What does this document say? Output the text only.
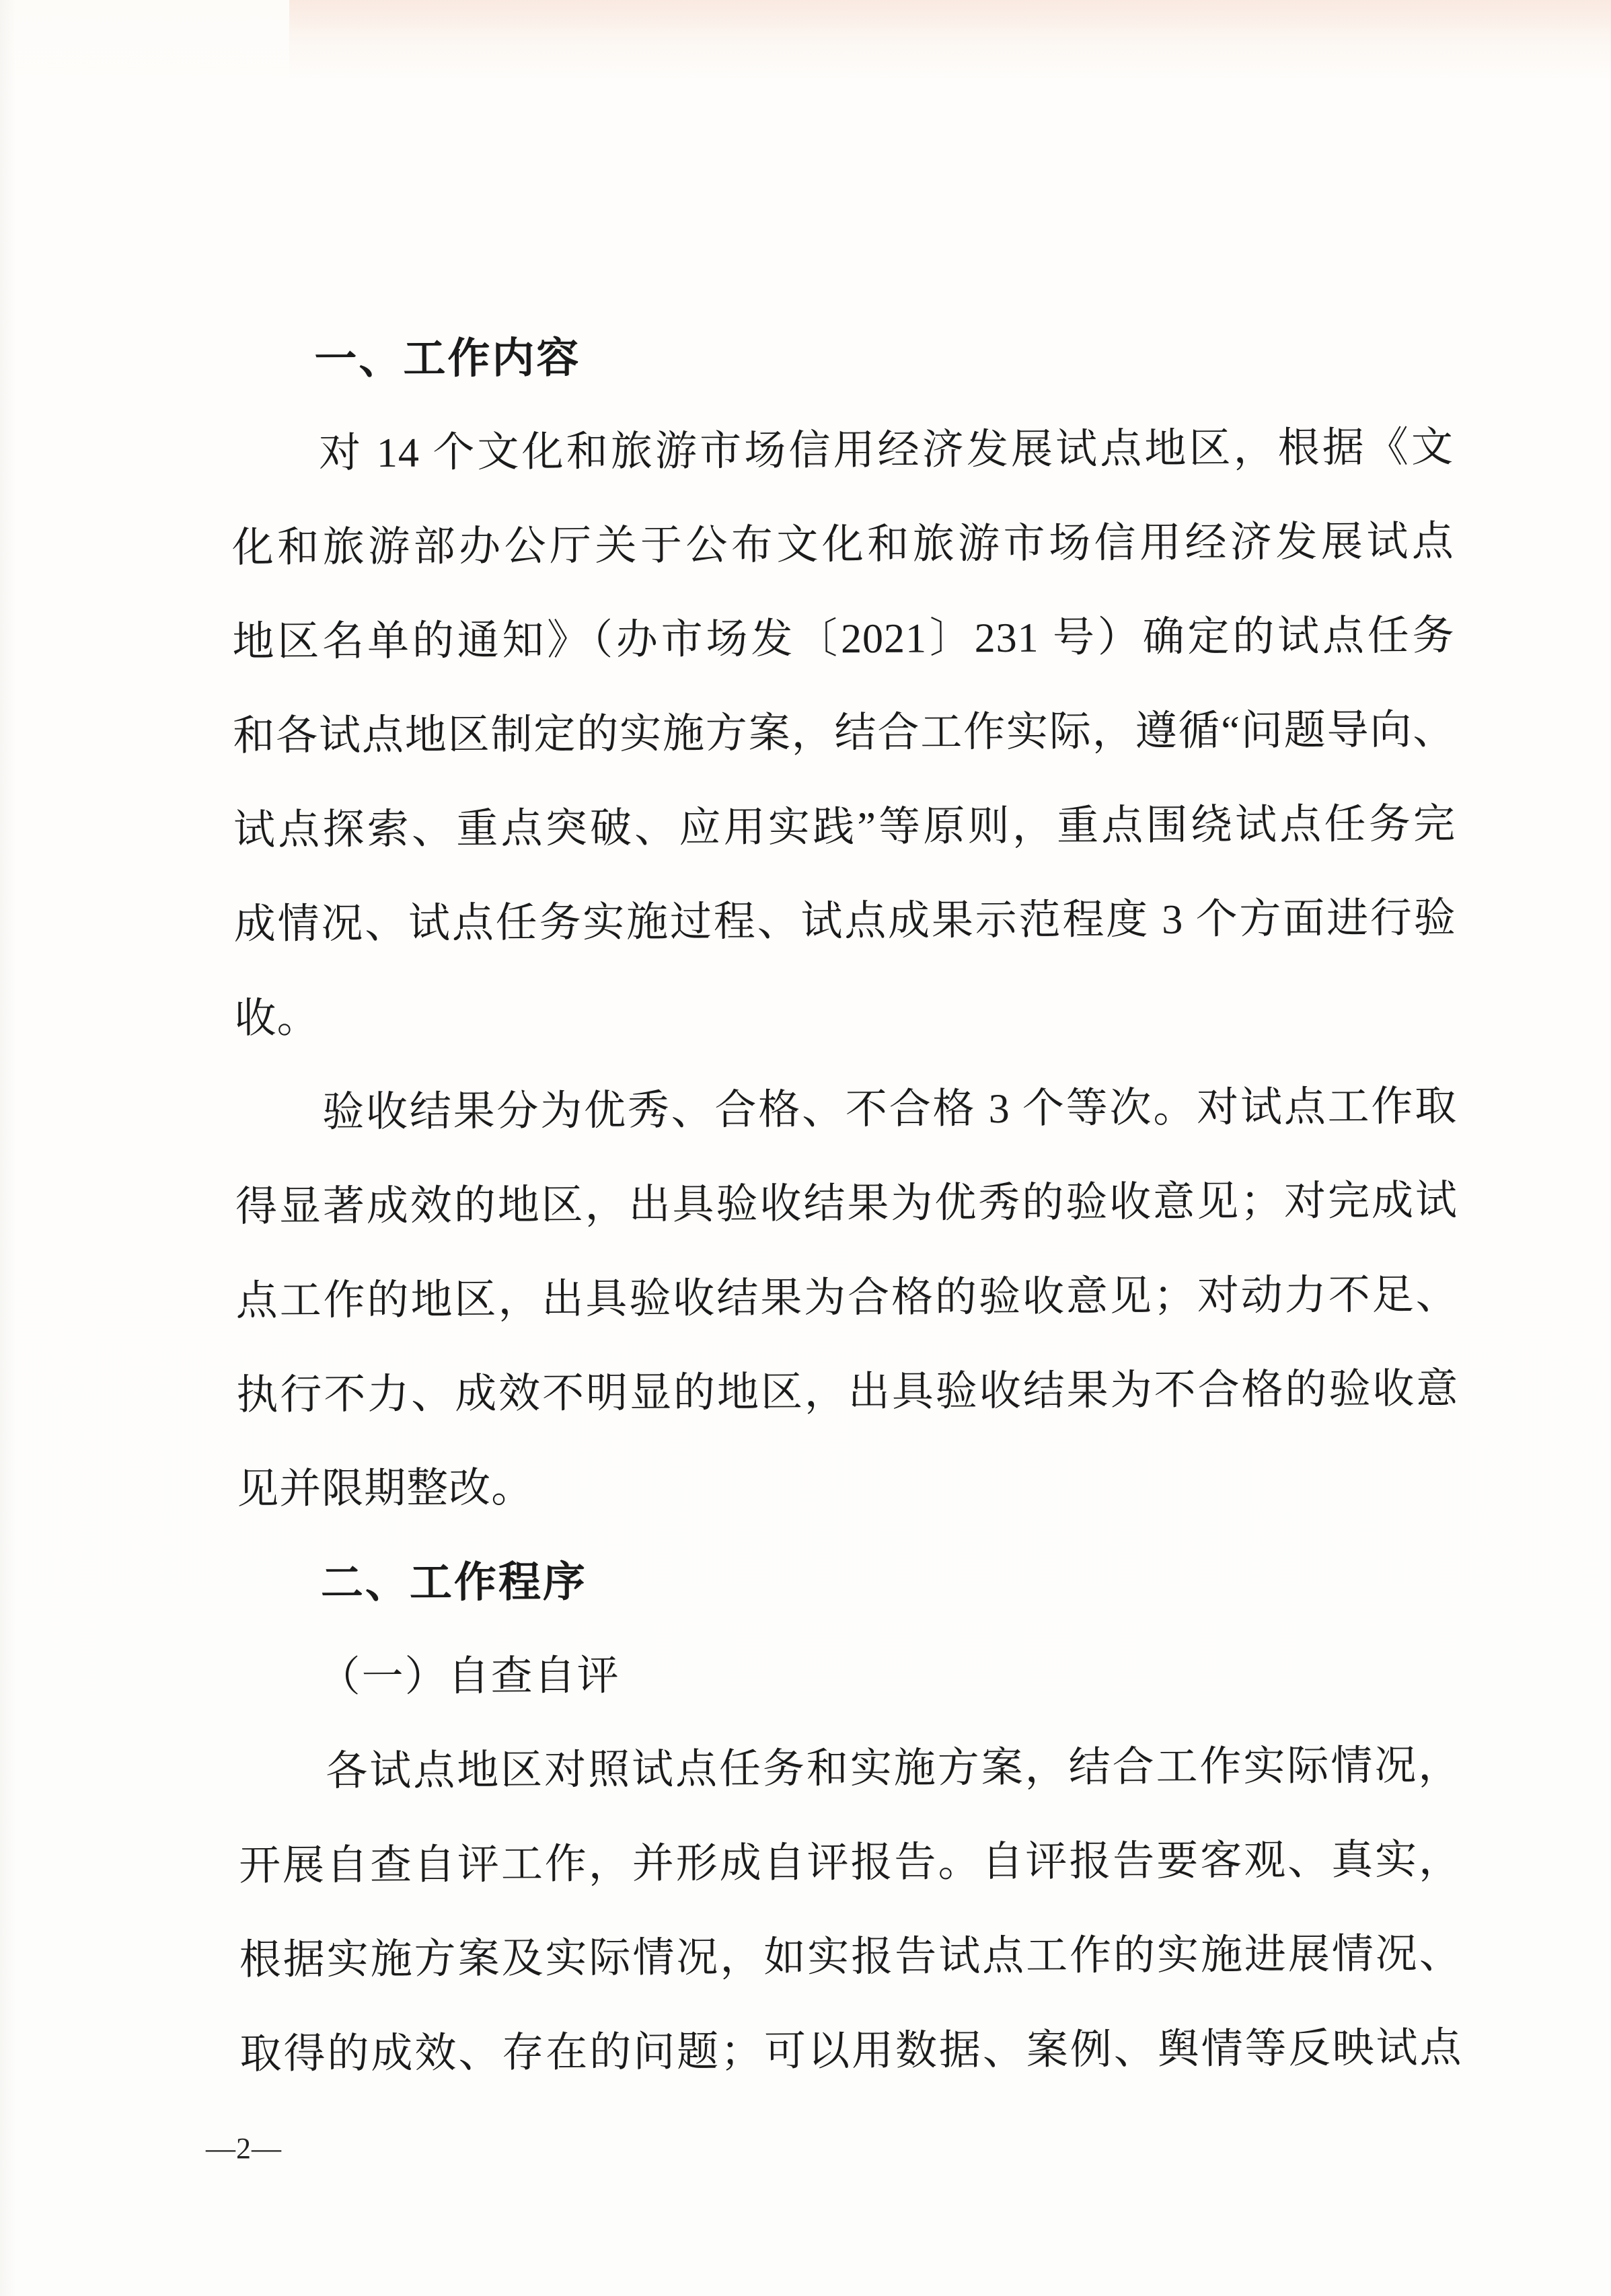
一、工作内容

对 14 个文化和旅游市场信用经济发展试点地区，根据《文

化和旅游部办公厅关于公布文化和旅游市场信用经济发展试点

地区名单的通知》（办市场发〔2021〕231 号）确定的试点任务

和各试点地区制定的实施方案，结合工作实际，遵循“问题导向、

试点探索、重点突破、应用实践”等原则，重点围绕试点任务完

成情况、试点任务实施过程、试点成果示范程度 3 个方面进行验

收。

验收结果分为优秀、合格、不合格 3 个等次。对试点工作取

得显著成效的地区，出具验收结果为优秀的验收意见；对完成试

点工作的地区，出具验收结果为合格的验收意见；对动力不足、

执行不力、成效不明显的地区，出具验收结果为不合格的验收意

见并限期整改。

二、工作程序
（一）自查自评

各试点地区对照试点任务和实施方案，结合工作实际情况，

开展自查自评工作，并形成自评报告。自评报告要客观、真实，

根据实施方案及实际情况，如实报告试点工作的实施进展情况、

取得的成效、存在的问题；可以用数据、案例、舆情等反映试点

—2—
